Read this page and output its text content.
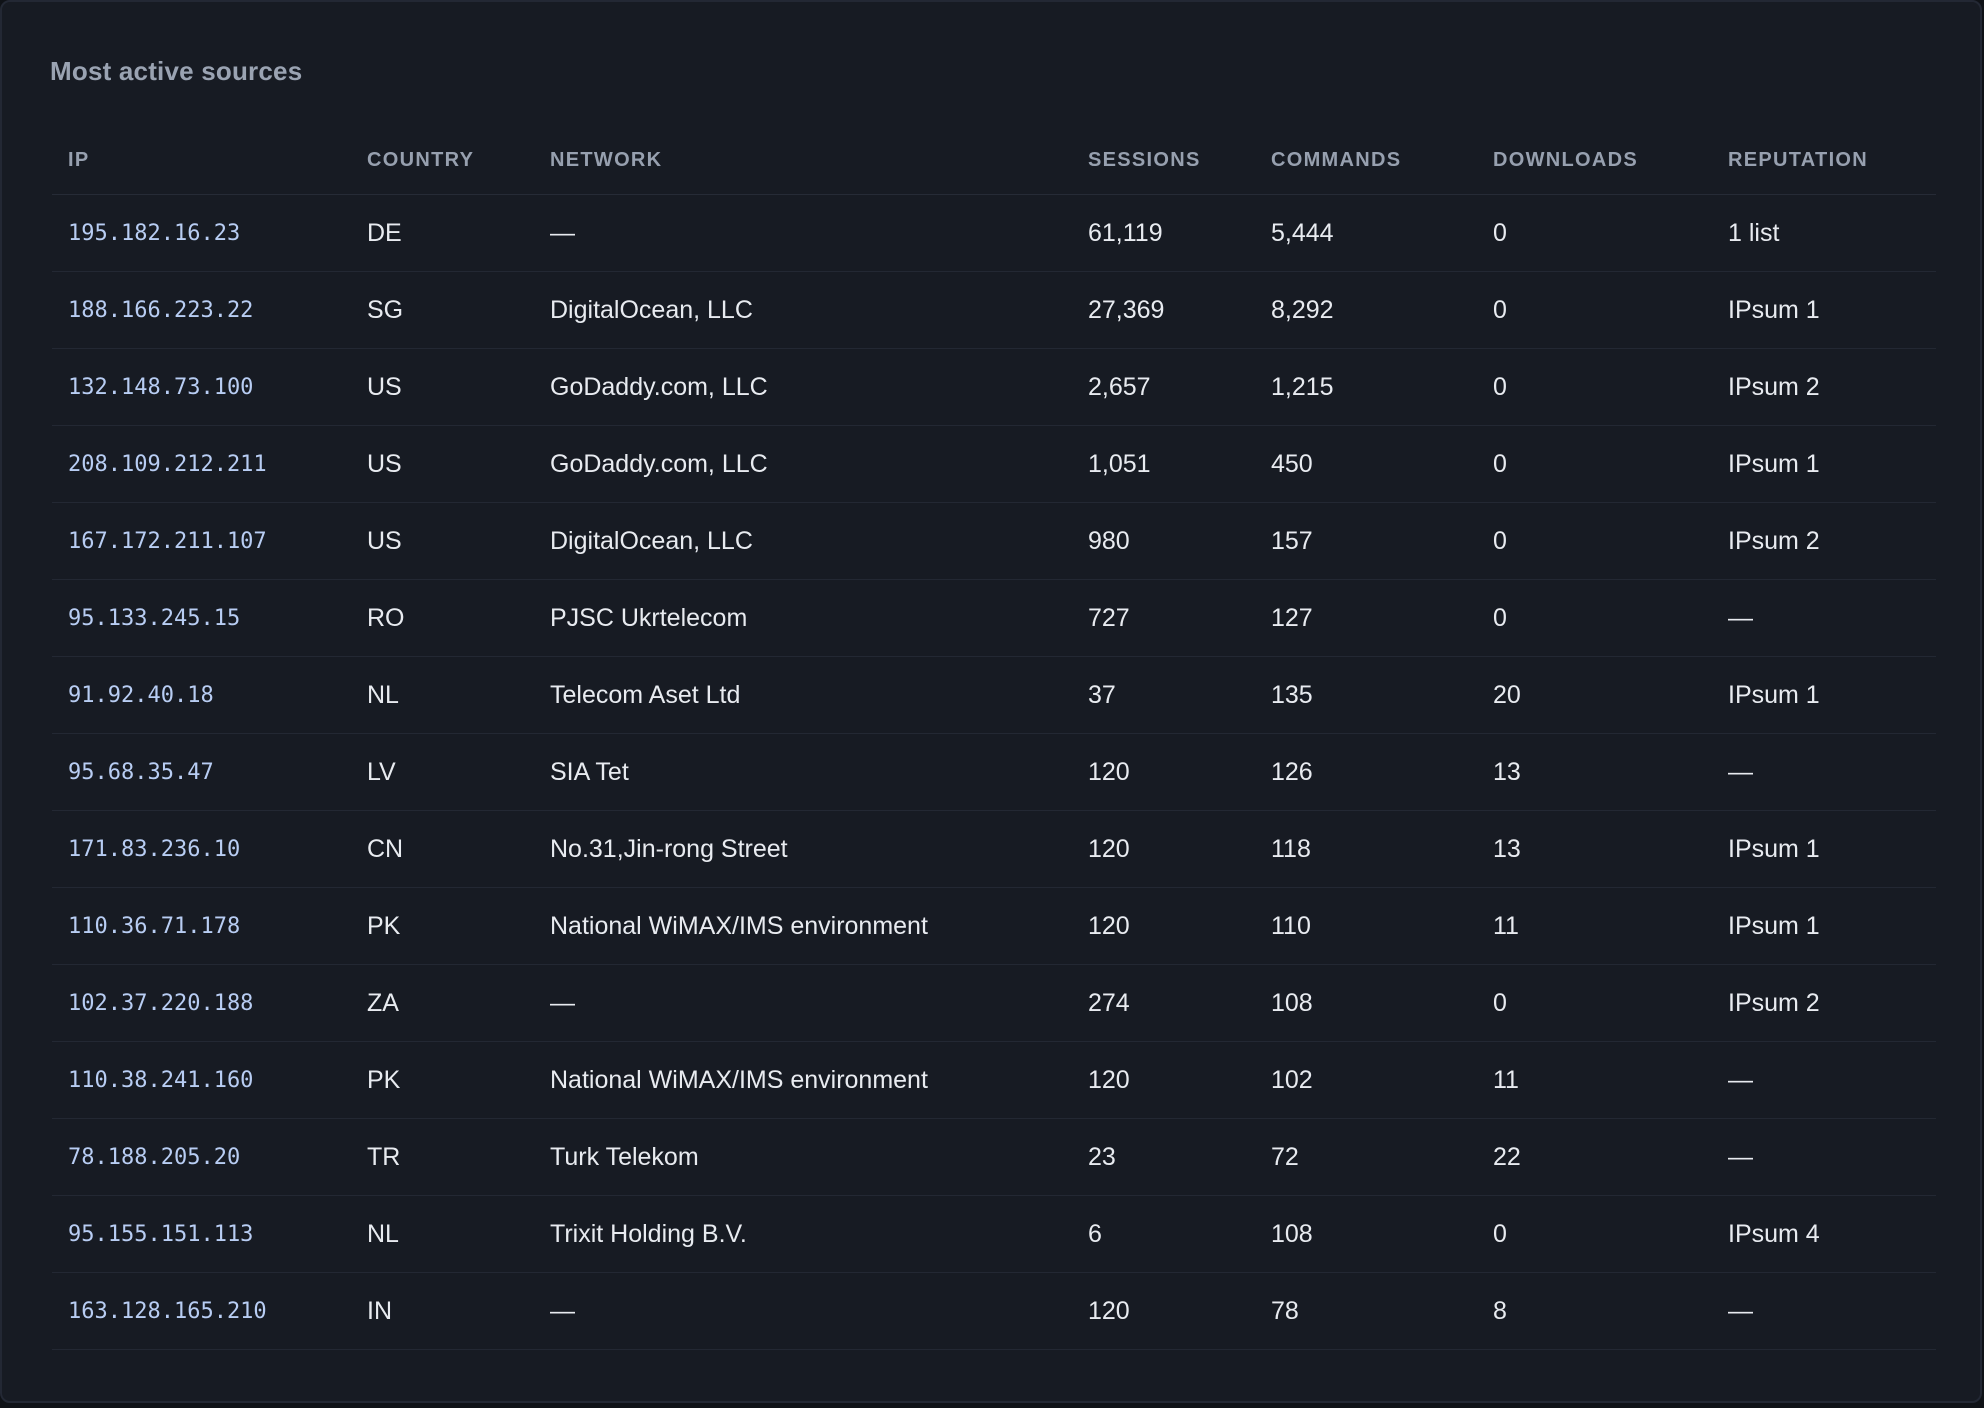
Most active sources
IP	COUNTRY	NETWORK	SESSIONS	COMMANDS	DOWNLOADS	REPUTATION
195.182.16.23	DE	—	61,119	5,444	0	1 list
188.166.223.22	SG	DigitalOcean, LLC	27,369	8,292	0	IPsum 1
132.148.73.100	US	GoDaddy.com, LLC	2,657	1,215	0	IPsum 2
208.109.212.211	US	GoDaddy.com, LLC	1,051	450	0	IPsum 1
167.172.211.107	US	DigitalOcean, LLC	980	157	0	IPsum 2
95.133.245.15	RO	PJSC Ukrtelecom	727	127	0	—
91.92.40.18	NL	Telecom Aset Ltd	37	135	20	IPsum 1
95.68.35.47	LV	SIA Tet	120	126	13	—
171.83.236.10	CN	No.31,Jin-rong Street	120	118	13	IPsum 1
110.36.71.178	PK	National WiMAX/IMS environment	120	110	11	IPsum 1
102.37.220.188	ZA	—	274	108	0	IPsum 2
110.38.241.160	PK	National WiMAX/IMS environment	120	102	11	—
78.188.205.20	TR	Turk Telekom	23	72	22	—
95.155.151.113	NL	Trixit Holding B.V.	6	108	0	IPsum 4
163.128.165.210	IN	—	120	78	8	—
